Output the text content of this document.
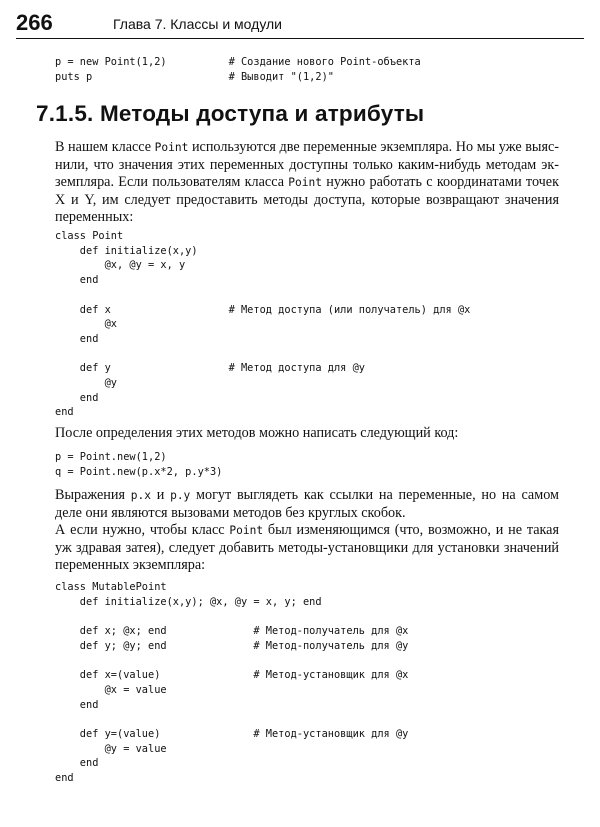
266	Глава 7. Классы и модули
p = new Point(1,2)          # Создание нового Point-объекта
puts p                      # Выводит "(1,2)"
7.1.5. Методы доступа и атрибуты

В нашем классе Point используются две переменные экземпляра. Но мы уже выяснили, что значения этих переменных доступны только каким-нибудь методам экземпляра. Если пользователям класса Point нужно работать с координатами точек X и Y, им следует предоставить методы доступа, которые возвращают значения переменных:

class Point
def initialize(x,y)
@x, @y = x, y
end

def x                   # Метод доступа (или получатель) для @x
@x
end

def y                   # Метод доступа для @y
@y
end
end

После определения этих методов можно написать следующий код:

p = Point.new(1,2)
q = Point.new(p.x*2, p.y*3)

Выражения p.x и p.y могут выглядеть как ссылки на переменные, но на самом деле они являются вызовами методов без круглых скобок.

А если нужно, чтобы класс Point был изменяющимся (что, возможно, и не такая уж здравая затея), следует добавить методы-установщики для установки значений переменных экземпляра:

class MutablePoint
def initialize(x,y); @x, @y = x, y; end

def x; @x; end              # Метод-получатель для @x
def y; @y; end              # Метод-получатель для @y

def x=(value)               # Метод-установщик для @x
@x = value
end

def y=(value)               # Метод-установщик для @y
@y = value
end
end
